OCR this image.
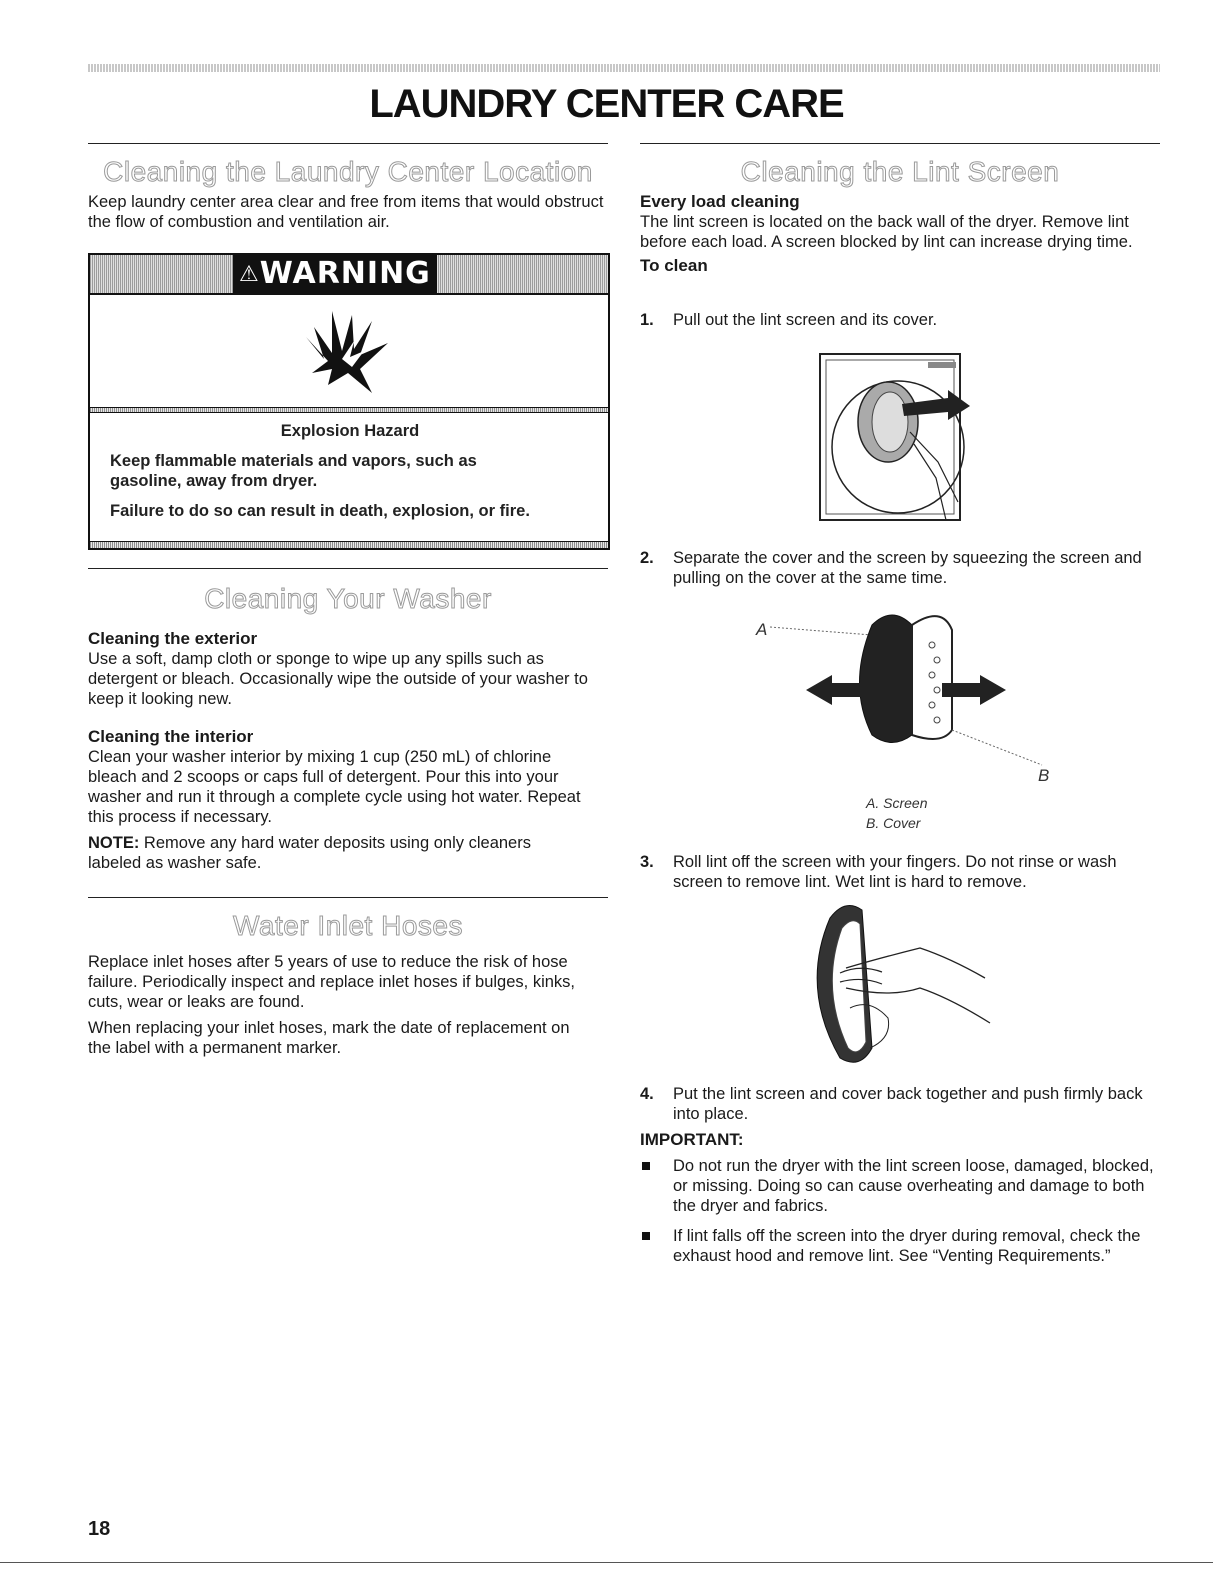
LAUNDRY CENTER CARE
Cleaning the Laundry Center Location

Keep laundry center area clear and free from items that would obstruct the flow of combustion and ventilation air.

⚠WARNING
Explosion Hazard

Keep flammable materials and vapors, such as gasoline, away from dryer.

Failure to do so can result in death, explosion, or fire.

Cleaning Your Washer
Cleaning the exterior

Use a soft, damp cloth or sponge to wipe up any spills such as detergent or bleach. Occasionally wipe the outside of your washer to keep it looking new.

Cleaning the interior

Clean your washer interior by mixing 1 cup (250 mL) of chlorine bleach and 2 scoops or caps full of detergent. Pour this into your washer and run it through a complete cycle using hot water. Repeat this process if necessary.

NOTE: Remove any hard water deposits using only cleaners labeled as washer safe.

Water Inlet Hoses

Replace inlet hoses after 5 years of use to reduce the risk of hose failure. Periodically inspect and replace inlet hoses if bulges, kinks, cuts, wear or leaks are found.

When replacing your inlet hoses, mark the date of replacement on the label with a permanent marker.

Cleaning the Lint Screen
Every load cleaning

The lint screen is located on the back wall of the dryer. Remove lint before each load. A screen blocked by lint can increase drying time.

To clean
1. Pull out the lint screen and its cover.
2. Separate the cover and the screen by squeezing the screen and pulling on the cover at the same time.
A
B
A. Screen
B. Cover
3. Roll lint off the screen with your fingers. Do not rinse or wash screen to remove lint. Wet lint is hard to remove.
4. Put the lint screen and cover back together and push firmly back into place.
IMPORTANT:
Do not run the dryer with the lint screen loose, damaged, blocked, or missing. Doing so can cause overheating and damage to both the dryer and fabrics.
If lint falls off the screen into the dryer during removal, check the exhaust hood and remove lint. See “Venting Requirements.”
18
